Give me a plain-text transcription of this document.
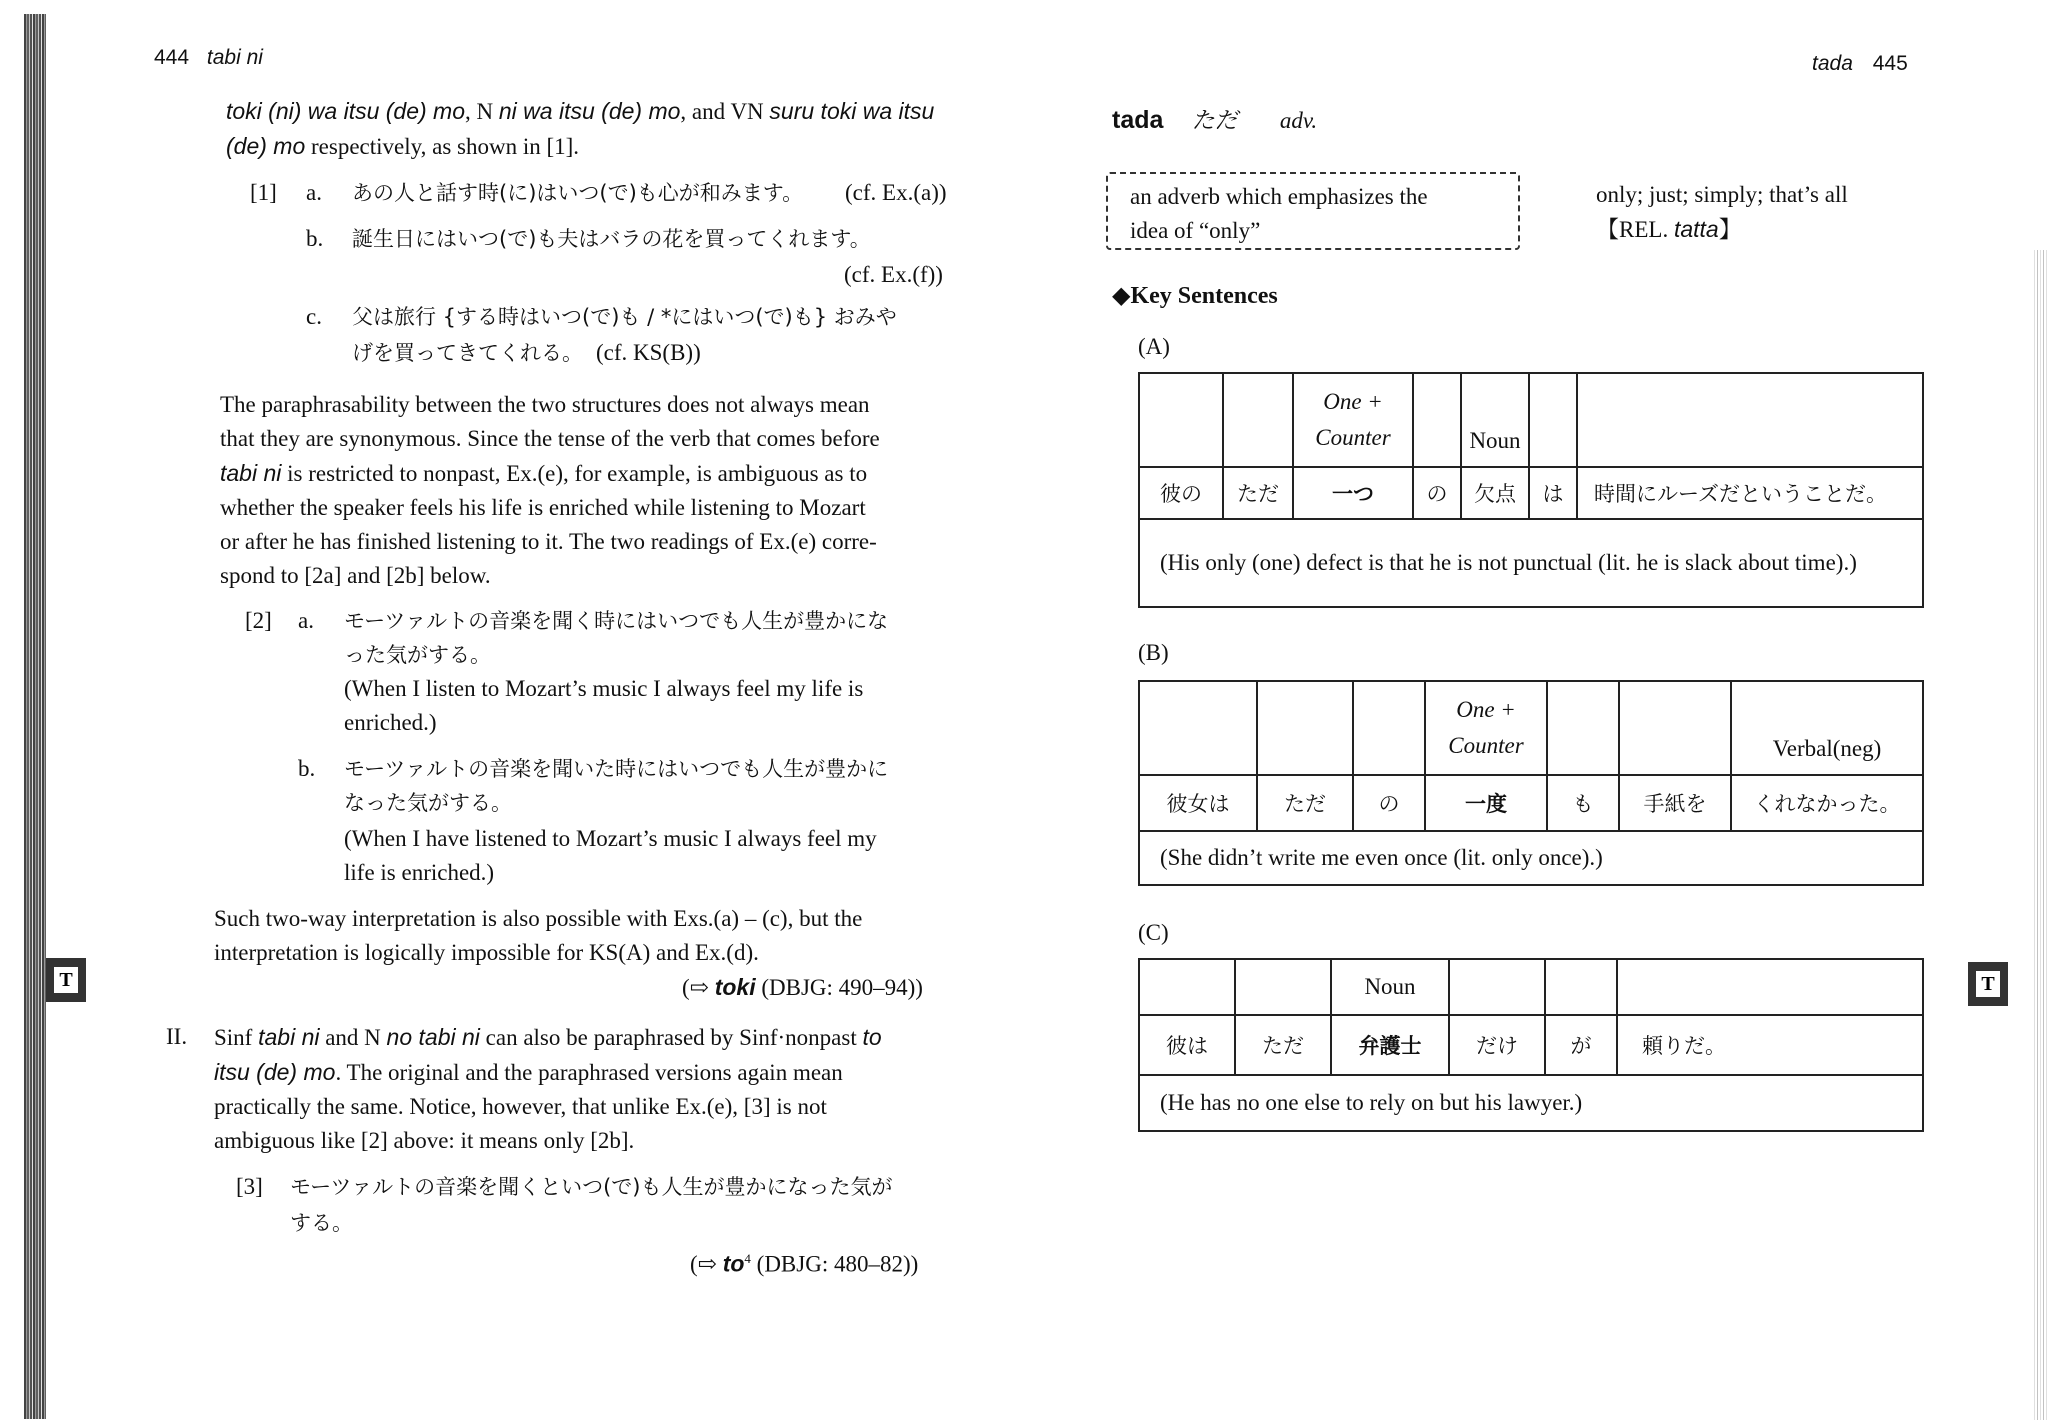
444 tabi ni
toki (ni) wa itsu (de) mo, N ni wa itsu (de) mo, and VN suru toki wa itsu
(de) mo respectively, as shown in [1].
[1] a. あの人と話す時(に)はいつ(で)も心が和みます。 (cf. Ex.(a))
b. 誕生日にはいつ(で)も夫はバラの花を買ってくれます。
(cf. Ex.(f))
c. 父は旅行 {する時はいつ(で)も / *にはいつ(で)も} おみや
げを買ってきてくれる。 (cf. KS(B))
The paraphrasability between the two structures does not always mean
that they are synonymous. Since the tense of the verb that comes before
tabi ni is restricted to nonpast, Ex.(e), for example, is ambiguous as to
whether the speaker feels his life is enriched while listening to Mozart
or after he has finished listening to it. The two readings of Ex.(e) corre-
spond to [2a] and [2b] below.
[2] a. モーツァルトの音楽を聞く時にはいつでも人生が豊かにな
った気がする。
(When I listen to Mozart’s music I always feel my life is
enriched.)
b. モーツァルトの音楽を聞いた時にはいつでも人生が豊かに
なった気がする。
(When I have listened to Mozart’s music I always feel my
life is enriched.)
Such two-way interpretation is also possible with Exs.(a) – (c), but the
interpretation is logically impossible for KS(A) and Ex.(d).
(⇨ toki (DBJG: 490–94))
II. Sinf tabi ni and N no tabi ni can also be paraphrased by Sinf·nonpast to
itsu (de) mo. The original and the paraphrased versions again mean
practically the same. Notice, however, that unlike Ex.(e), [3] is not
ambiguous like [2] above: it means only [2b].
[3] モーツァルトの音楽を聞くといつ(で)も人生が豊かになった気が
する。
(⇨ $to^4$ (DBJG: 480–82))
T
tada 445
tada ただ adv.
an adverb which emphasizes the
idea of “only”
only; just; simply; that’s all
【REL. tatta】
◆Key Sentences
(A)
		One +
Counter		Noun		
彼の	ただ	一つ	の	欠点	は	時間にルーズだということだ。
(His only (one) defect is that he is not punctual (lit. he is slack about time).)						
(B)
			One +
Counter			Verbal(neg)
彼女は	ただ	の	一度	も	手紙を	くれなかった。
(She didn’t write me even once (lit. only once).)						
(C)
		Noun			
彼は	ただ	弁護士	だけ	が	頼りだ。
(He has no one else to rely on but his lawyer.)					
T
